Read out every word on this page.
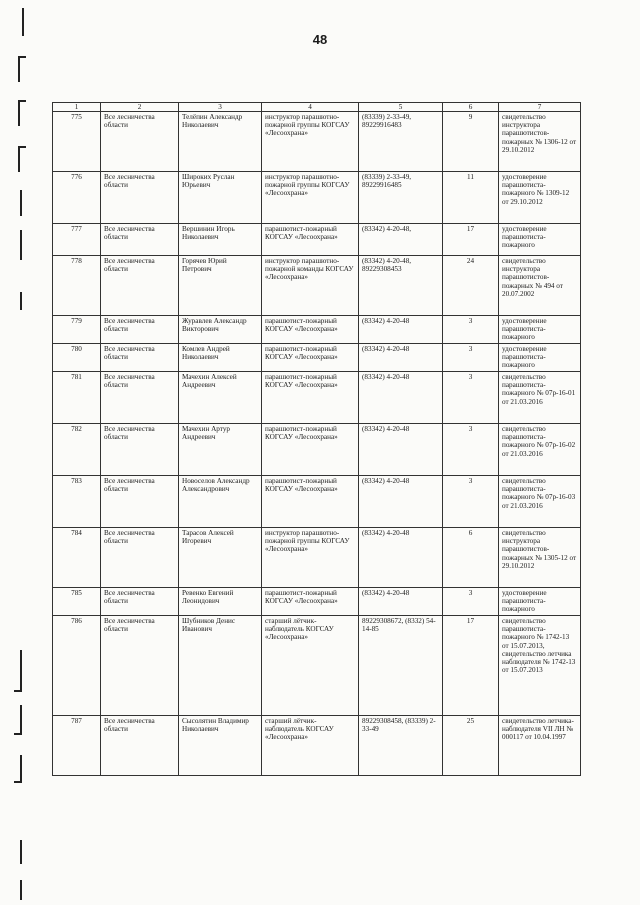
48
1	2	3	4	5	6	7
775	Все лесничества области	Телёпин Александр Николаевич	инструктор парашютно-пожарной группы КОГСАУ «Лесоохрана»	(83339) 2-33-49, 89229916483	9	свидетельство инструктора парашютистов-пожарных № 1306-12 от 29.10.2012
776	Все лесничества области	Широких Руслан Юрьевич	инструктор парашютно-пожарной группы КОГСАУ «Лесоохрана»	(83339) 2-33-49, 89229916485	11	удостоверение парашютиста-пожарного № 1309-12 от 29.10.2012
777	Все лесничества области	Вершинин Игорь Николаевич	парашютист-пожарный КОГСАУ «Лесоохрана»	(83342) 4-20-48,	17	удостоверение парашютиста-пожарного
778	Все лесничества области	Горячев Юрий Петрович	инструктор парашютно-пожарной команды КОГСАУ «Лесоохрана»	(83342) 4-20-48, 89229308453	24	свидетельство инструктора парашютистов-пожарных № 494 от 20.07.2002
779	Все лесничества области	Журавлев Александр Викторович	парашютист-пожарный КОГСАУ «Лесоохрана»	(83342) 4-20-48	3	удостоверение парашютиста-пожарного
780	Все лесничества области	Комлев Андрей Николаевич	парашютист-пожарный КОГСАУ «Лесоохрана»	(83342) 4-20-48	3	удостоверение парашютиста-пожарного
781	Все лесничества области	Мачехин Алексей Андреевич	парашютист-пожарный КОГСАУ «Лесоохрана»	(83342) 4-20-48	3	свидетельство парашютиста-пожарного № 07р-16-01 от 21.03.2016
782	Все лесничества области	Мачехин Артур Андреевич	парашютист-пожарный КОГСАУ «Лесоохрана»	(83342) 4-20-48	3	свидетельство парашютиста-пожарного № 07р-16-02 от 21.03.2016
783	Все лесничества области	Новоселов Александр Александрович	парашютист-пожарный КОГСАУ «Лесоохрана»	(83342) 4-20-48	3	свидетельство парашютиста-пожарного № 07р-16-03 от 21.03.2016
784	Все лесничества области	Тарасов Алексей Игоревич	инструктор парашютно-пожарной группы КОГСАУ «Лесоохрана»	(83342) 4-20-48	6	свидетельство инструктора парашютистов-пожарных № 1305-12 от 29.10.2012
785	Все лесничества области	Ревенко Евгений Леонидович	парашютист-пожарный КОГСАУ «Лесоохрана»	(83342) 4-20-48	3	удостоверение парашютиста-пожарного
786	Все лесничества области	Шубников Денис Иванович	старший лётчик-наблюдатель КОГСАУ «Лесоохрана»	89229308672, (8332) 54-14-85	17	свидетельство парашютиста-пожарного № 1742-13 от 15.07.2013, свидетельство летчика наблюдателя № 1742-13 от 15.07.2013
787	Все лесничества области	Сысолятин Владимир Николаевич	старший лётчик-наблюдатель КОГСАУ «Лесоохрана»	89229308458, (83339) 2-33-49	25	свидетельство летчика-наблюдателя VII ЛН № 000117 от 10.04.1997
